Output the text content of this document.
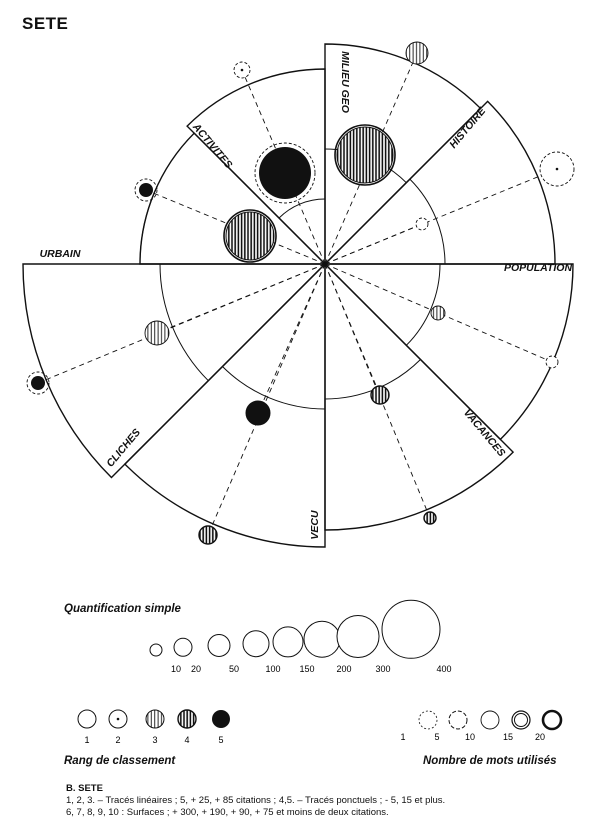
SETE
MILIEU GEO
HISTOIRE
POPULATION
VACANCES
VECU
CLICHES
URBAIN
ACTIVITES
Quantification simple
10 20	50	100 150 200	300	400
1	2	3	4	5	1	5	10	15 20
Rang de classement	Nombre de mots utilisés
B. SETE
1, 2, 3. – Tracés linéaires ; 5, + 25, + 85 citations ; 4,5. – Tracés ponctuels ; - 5, 15 et plus.
6, 7, 8, 9, 10 : Surfaces ; + 300, + 190, + 90, + 75 et moins de deux citations.
